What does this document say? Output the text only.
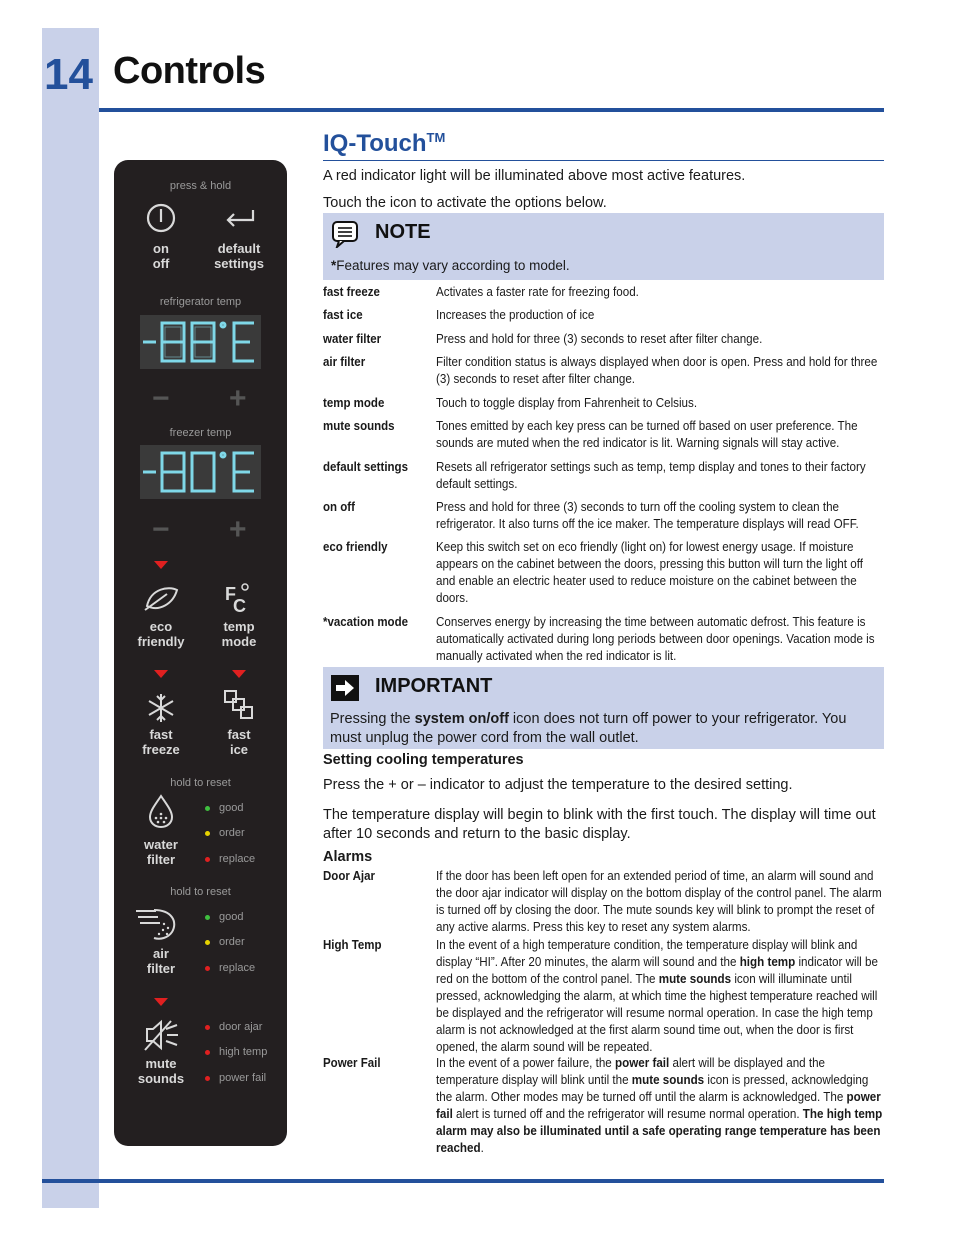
14 Controls
press & hold
on
off
default
settings
refrigerator temp
− +
freezer temp
− +
eco
friendly
F
C
temp
mode
fast
freeze
fast
ice
hold to reset
water
filter
good
order
replace
hold to reset
air
filter
good
order
replace
mute
sounds
door ajar
high temp
power fail
IQ-Touch™
A red indicator light will be illuminated above most active features.
Touch the icon to activate the options below.
NOTE
*Features may vary according to model.
fast freeze	Activates a faster rate for freezing food.
fast ice	Increases the production of ice
water filter	Press and hold for three (3) seconds to reset after filter change.
air filter	Filter condition status is always displayed when door is open. Press and hold for three (3) seconds to reset after filter change.
temp mode	Touch to toggle display from Fahrenheit to Celsius.
mute sounds	Tones emitted by each key press can be turned off based on user preference. The sounds are muted when the red indicator is lit. Warning signals will stay active.
default settings	Resets all refrigerator settings such as temp, temp display and tones to their factory default settings.
on off	Press and hold for three (3) seconds to turn off the cooling system to clean the refrigerator. It also turns off the ice maker. The temperature displays will read OFF.
eco friendly	Keep this switch set on eco friendly (light on) for lowest energy usage. If moisture appears on the cabinet between the doors, pressing this button will turn the light off and enable an electric heater used to reduce moisture on the cabinet between the doors.
*vacation mode	Conserves energy by increasing the time between automatic defrost. This feature is automatically activated during long periods between door openings. Vacation mode is manually activated when the red indicator is lit.
IMPORTANT
Pressing the system on/off icon does not turn off power to your refrigerator. You must unplug the power cord from the wall outlet.
Setting cooling temperatures
Press the + or – indicator to adjust the temperature to the desired setting.
The temperature display will begin to blink with the first touch. The display will time out after 10 seconds and return to the basic display.
Alarms
Door Ajar	If the door has been left open for an extended period of time, an alarm will sound and the door ajar indicator will display on the bottom display of the control panel. The alarm is turned off by closing the door. The mute sounds key will blink to prompt the reset of any active alarms. Press this key to reset any system alarms.
High Temp	In the event of a high temperature condition, the temperature display will blink and display “HI”. After 20 minutes, the alarm will sound and the high temp indicator will be red on the bottom of the control panel. The mute sounds icon will illuminate until pressed, acknowledging the alarm, at which time the highest temperature reached will be displayed and the refrigerator will resume normal operation. In case the high temp alarm is not acknowledged at the first alarm sound time out, when the door is first opened, the alarm sound will be repeated.
Power Fail	In the event of a power failure, the power fail alert will be displayed and the temperature display will blink until the mute sounds icon is pressed, acknowledging the alarm. Other modes may be turned off until the alarm is acknowledged. The power fail alert is turned off and the refrigerator will resume normal operation. The high temp alarm may also be illuminated until a safe operating range temperature has been reached.
